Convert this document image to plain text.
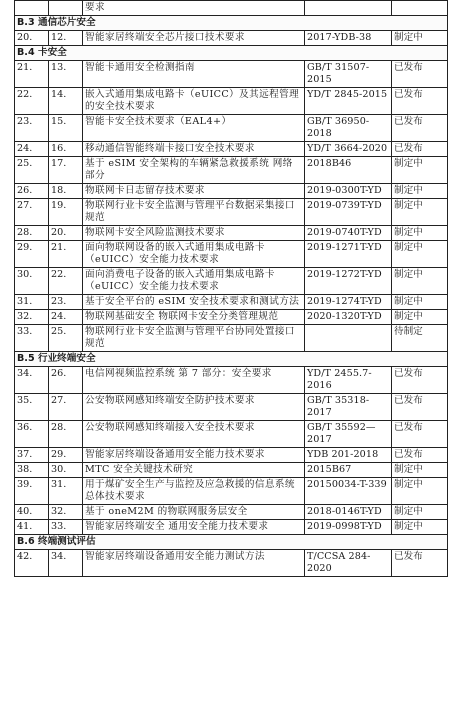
		要求		
B.3 通信芯片安全				
20.	12.	智能家居终端安全芯片接口技术要求	2017-YDB-38	制定中
B.4 卡安全				
21.	13.	智能卡通用安全检测指南	GB/T 31507-2015	已发布
22.	14.	嵌入式通用集成电路卡（eUICC）及其远程管理的安全技术要求	YD/T 2845-2015	已发布
23.	15.	智能卡安全技术要求（EAL4+）	GB/T 36950-2018	已发布
24.	16.	移动通信智能终端卡接口安全技术要求	YD/T 3664-2020	已发布
25.	17.	基于 eSIM 安全架构的车辆紧急救援系统 网络部分	2018B46	制定中
26.	18.	物联网卡日志留存技术要求	2019-0300T-YD	制定中
27.	19.	物联网行业卡安全监测与管理平台数据采集接口规范	2019-0739T-YD	制定中
28.	20.	物联网卡安全风险监测技术要求	2019-0740T-YD	制定中
29.	21.	面向物联网设备的嵌入式通用集成电路卡（eUICC）安全能力技术要求	2019-1271T-YD	制定中
30.	22.	面向消费电子设备的嵌入式通用集成电路卡（eUICC）安全能力技术要求	2019-1272T-YD	制定中
31.	23.	基于安全平台的 eSIM 安全技术要求和测试方法	2019-1274T-YD	制定中
32.	24.	物联网基础安全 物联网卡安全分类管理规范	2020-1320T-YD	制定中
33.	25.	物联网行业卡安全监测与管理平台协同处置接口规范		待制定
B.5 行业终端安全				
34.	26.	电信网视频监控系统 第 7 部分：安全要求	YD/T 2455.7-2016	已发布
35.	27.	公安物联网感知终端安全防护技术要求	GB/T 35318-2017	已发布
36.	28.	公安物联网感知终端接入安全技术要求	GB/T 35592—2017	已发布
37.	29.	智能家居终端设备通用安全能力技术要求	YDB 201-2018	已发布
38.	30.	MTC 安全关键技术研究	2015B67	制定中
39.	31.	用于煤矿安全生产与监控及应急救援的信息系统总体技术要求	20150034-T-339	制定中
40.	32.	基于 oneM2M 的物联网服务层安全	2018-0146T-YD	制定中
41.	33.	智能家居终端安全 通用安全能力技术要求	2019-0998T-YD	制定中
B.6 终端测试评估				
42.	34.	智能家居终端设备通用安全能力测试方法	T/CCSA 284-2020	已发布
